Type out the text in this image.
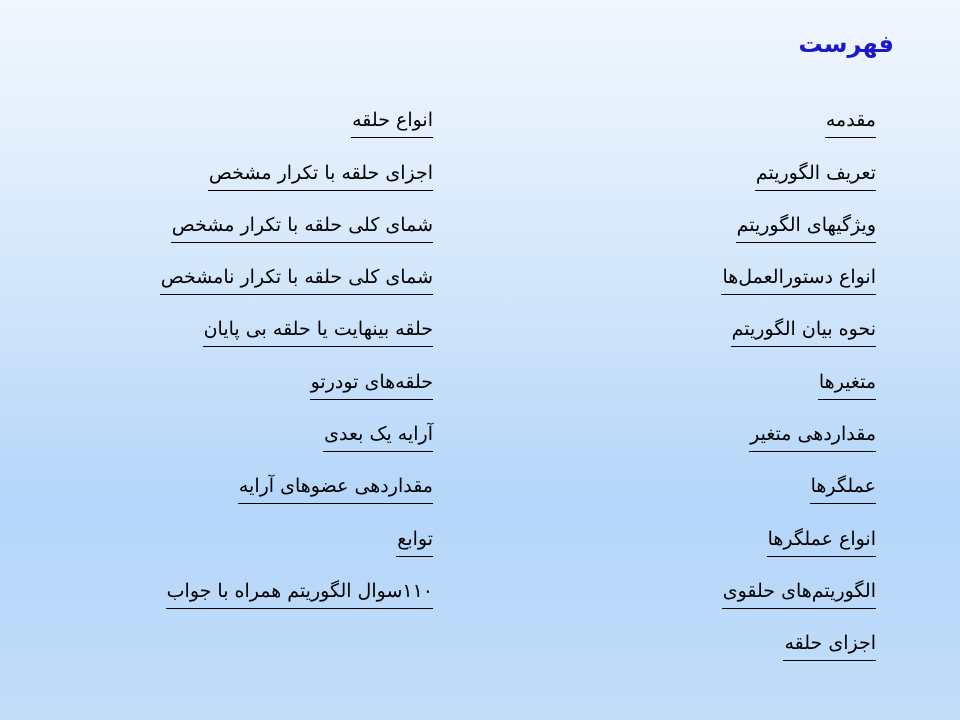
فهرست
مقدمه
تعریف الگوریتم
ویژگیهای الگوریتم
انواع دستورالعمل‌ها
نحوه بیان الگوریتم
متغیرها
مقداردهی متغیر
عملگرها
انواع عملگرها
الگوریتم‌های حلقوی
اجزای حلقه
انواع حلقه
اجزای حلقه با تکرار مشخص
شمای کلی حلقه با تکرار مشخص
شمای کلی حلقه با تکرار نامشخص
حلقه بینهایت یا حلقه بی پایان
حلقه‌های تودرتو
آرایه یک بعدی
مقداردهی عضوهای آرایه
توابع
۱۱۰سوال الگوریتم همراه با جواب
